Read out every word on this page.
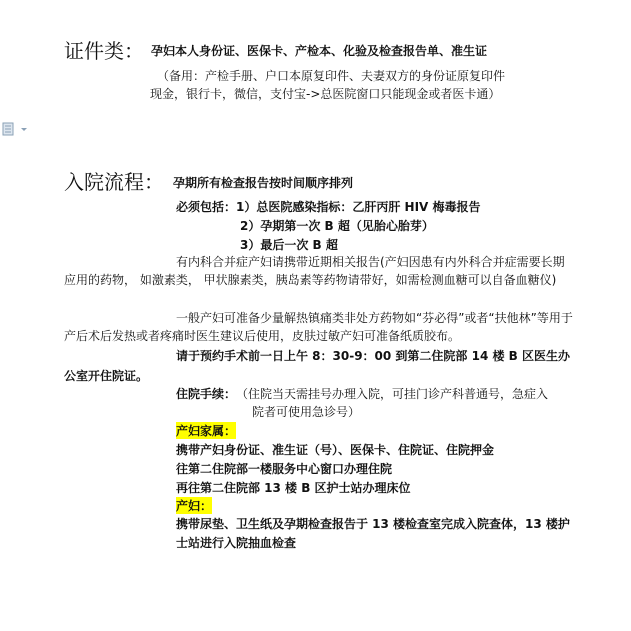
证件类： 孕妇本人身份证、医保卡、产检本、化验及检查报告单、准生证
（备用：产检手册、户口本原复印件、夫妻双方的身份证原复印件
现金，银行卡，微信，支付宝->总医院窗口只能现金或者医卡通）
入院流程： 孕期所有检查报告按时间顺序排列
必须包括：1）总医院感染指标：乙肝丙肝 HIV 梅毒报告
2）孕期第一次 B 超（见胎心胎芽）
3）最后一次 B 超
有内科合并症产妇请携带近期相关报告(产妇因患有内外科合并症需要长期应用的药物， 如激素类， 甲状腺素类，胰岛素等药物请带好，如需检测血糖可以自备血糖仪)
一般产妇可准备少量解热镇痛类非处方药物如“芬必得”或者“扶他林”等用于产后术后发热或者疼痛时医生建议后使用，皮肤过敏产妇可准备纸质胶布。
请于预约手术前一日上午 8：30-9：00 到第二住院部 14 楼 B 区医生办公室开住院证。
住院手续： （住院当天需挂号办理入院，可挂门诊产科普通号，急症入
院者可使用急诊号）
产妇家属：
携带产妇身份证、准生证（号）、医保卡、住院证、住院押金
往第二住院部一楼服务中心窗口办理住院
再往第二住院部 13 楼 B 区护士站办理床位
产妇：
携带尿垫、卫生纸及孕期检查报告于 13 楼检查室完成入院查体，13 楼护士站进行入院抽血检查
